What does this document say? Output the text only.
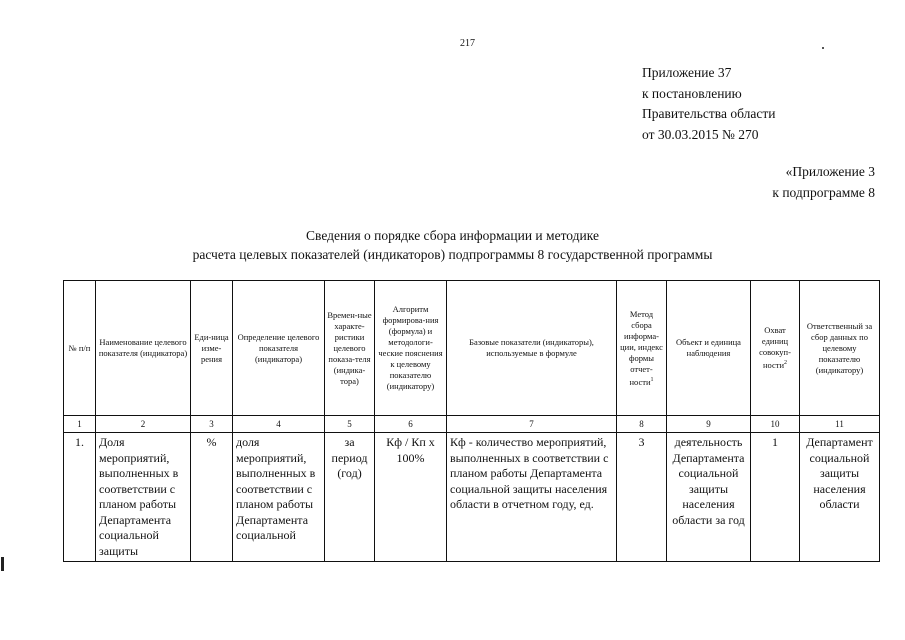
217
Приложение 37
к постановлению
Правительства области
от 30.03.2015 № 270
«Приложение 3
к подпрограмме 8
Сведения о порядке сбора информации и методике
расчета целевых показателей (индикаторов) подпрограммы 8 государственной программы
№ п/п	Наименование целевого показателя (индикатора)	Еди-ница изме-рения	Определение целевого показателя (индикатора)	Времен-ные характе-ристики целевого показа-теля (индика-тора)	Алгоритм формирова-ния (формула) и методологи-ческие пояснения к целевому показателю (индикатору)	Базовые показатели (индикаторы), используемые в формуле	Метод сбора информа-ции, индекс формы отчет-ности$^1$	Объект и единица наблюдения	Охват единиц совокуп-ности$^2$	Ответственный за сбор данных по целевому показателю (индикатору)
1	2	3	4	5	6	7	8	9	10	11
1.	Доля мероприятий, выполненных в соответствии с планом работы Департамента социальной защиты	%	доля мероприятий, выполненных в соответствии с планом работы Департамента социальной	за период (год)	Кф / Кп х 100%	Кф - количество мероприятий, выполненных в соответствии с планом работы Департамента социальной защиты населения области в отчетном году, ед.	3	деятельность Департамента социальной защиты населения области за год	1	Департамент социальной защиты населения области
